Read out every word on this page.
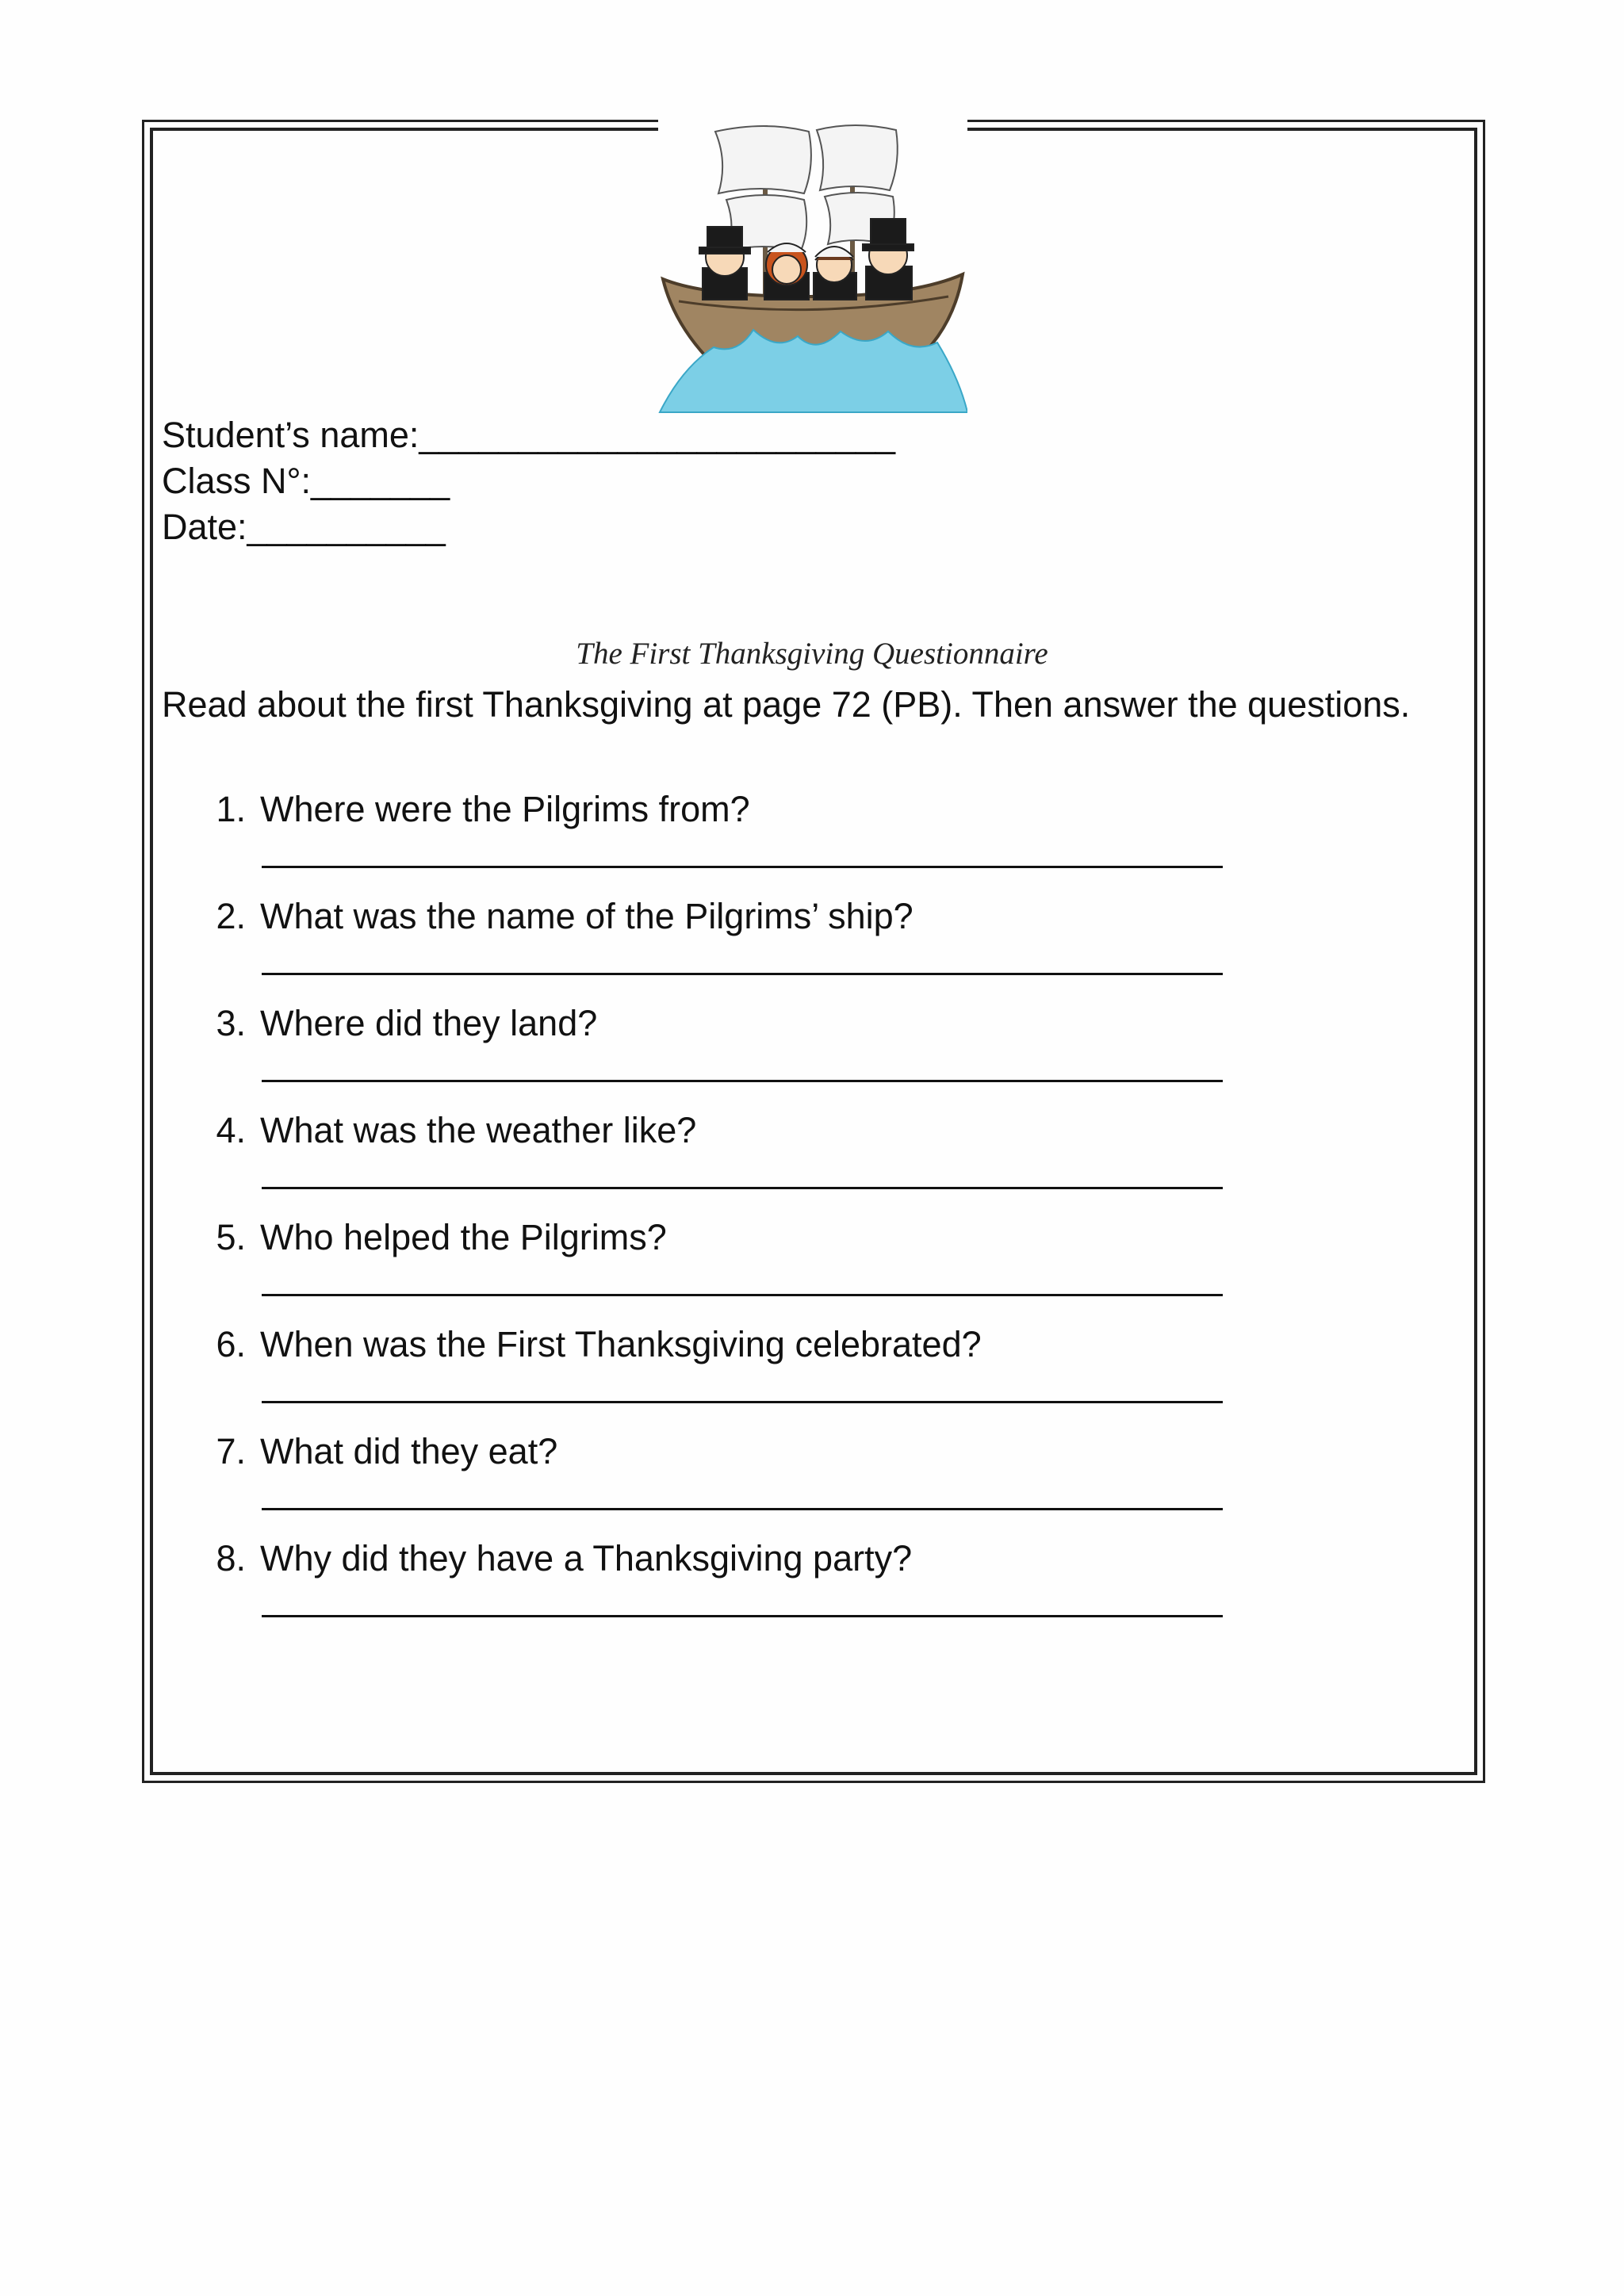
Student’s name:________________________
Class N°:_______
Date:__________
The First Thanksgiving Questionnaire
Read about the first Thanksgiving at page 72 (PB). Then answer the questions.
1. Where were the Pilgrims from?
2. What was the name of the Pilgrims’ ship?
3. Where did they land?
4. What was the weather like?
5. Who helped the Pilgrims?
6. When was the First Thanksgiving celebrated?
7. What did they eat?
8. Why did they have a Thanksgiving party?
